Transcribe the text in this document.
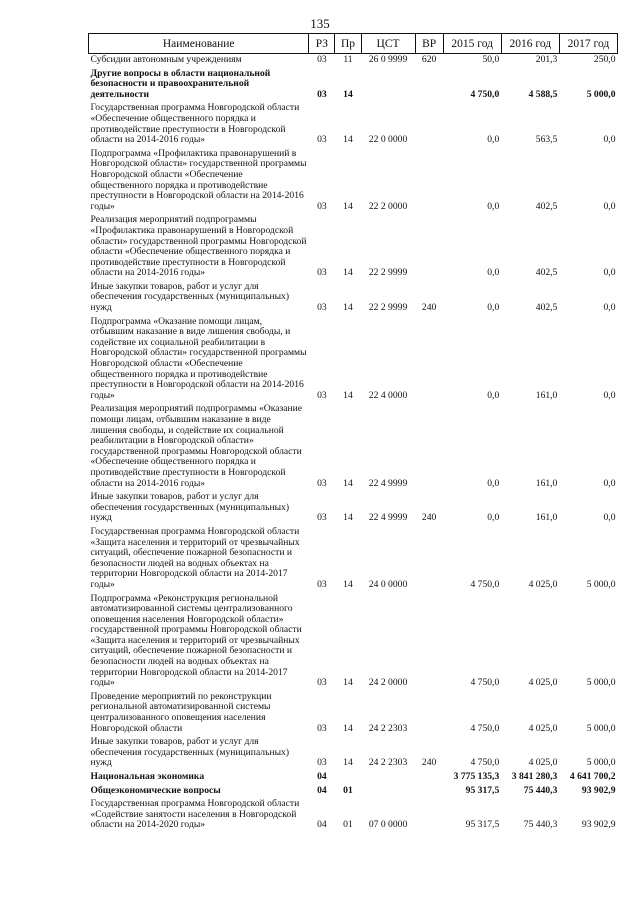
135
Наименование	РЗ	Пр	ЦСТ	ВР	2015 год	2016 год	2017 год
Субсидии автономным учреждениям	03	11	26 0 9999	620	50,0	201,3	250,0
Другие вопросы в области национальной безопасности и правоохранительной деятельности	03	14			4 750,0	4 588,5	5 000,0
Государственная программа Новгородской области «Обеспечение общественного порядка и противодействие преступности в Новгородской области на 2014-2016 годы»	03	14	22 0 0000		0,0	563,5	0,0
Подпрограмма «Профилактика правонарушений в Новгородской области» государственной программы Новгородской области «Обеспечение общественного порядка и противодействие преступности в Новгородской области на 2014-2016 годы»	03	14	22 2 0000		0,0	402,5	0,0
Реализация мероприятий подпрограммы «Профилактика правонарушений в Новгородской области» государственной программы Новгородской области «Обеспечение общественного порядка и противодействие преступности в Новгородской области на 2014-2016 годы»	03	14	22 2 9999		0,0	402,5	0,0
Иные закупки товаров, работ и услуг для обеспечения государственных (муниципальных) нужд	03	14	22 2 9999	240	0,0	402,5	0,0
Подпрограмма «Оказание помощи лицам, отбывшим наказание в виде лишения свободы, и содействие их социальной реабилитации в Новгородской области» государственной программы Новгородской области «Обеспечение общественного порядка и противодействие преступности в Новгородской области на 2014-2016 годы»	03	14	22 4 0000		0,0	161,0	0,0
Реализация мероприятий подпрограммы «Оказание помощи лицам, отбывшим наказание в виде лишения свободы, и содействие их социальной реабилитации в Новгородской области» государственной программы Новгородской области «Обеспечение общественного порядка и противодействие преступности в Новгородской области на 2014-2016 годы»	03	14	22 4 9999		0,0	161,0	0,0
Иные закупки товаров, работ и услуг для обеспечения государственных (муниципальных) нужд	03	14	22 4 9999	240	0,0	161,0	0,0
Государственная программа Новгородской области «Защита населения и территорий от чрезвычайных ситуаций, обеспечение пожарной безопасности и безопасности людей на водных объектах на территории Новгородской области на 2014-2017 годы»	03	14	24 0 0000		4 750,0	4 025,0	5 000,0
Подпрограмма «Реконструкция региональной автоматизированной системы централизованного оповещения населения Новгородской области» государственной программы Новгородской области «Защита населения и территорий от чрезвычайных ситуаций, обеспечение пожарной безопасности и безопасности людей на водных объектах на территории Новгородской области на 2014-2017 годы»	03	14	24 2 0000		4 750,0	4 025,0	5 000,0
Проведение мероприятий по реконструкции региональной автоматизированной системы централизованного оповещения населения Новгородской области	03	14	24 2 2303		4 750,0	4 025,0	5 000,0
Иные закупки товаров, работ и услуг для обеспечения государственных (муниципальных) нужд	03	14	24 2 2303	240	4 750,0	4 025,0	5 000,0
Национальная экономика	04				3 775 135,3	3 841 280,3	4 641 700,2
Общеэкономические вопросы	04	01			95 317,5	75 440,3	93 902,9
Государственная программа Новгородской области «Содействие занятости населения в Новгородской области на 2014-2020 годы»	04	01	07 0 0000		95 317,5	75 440,3	93 902,9
